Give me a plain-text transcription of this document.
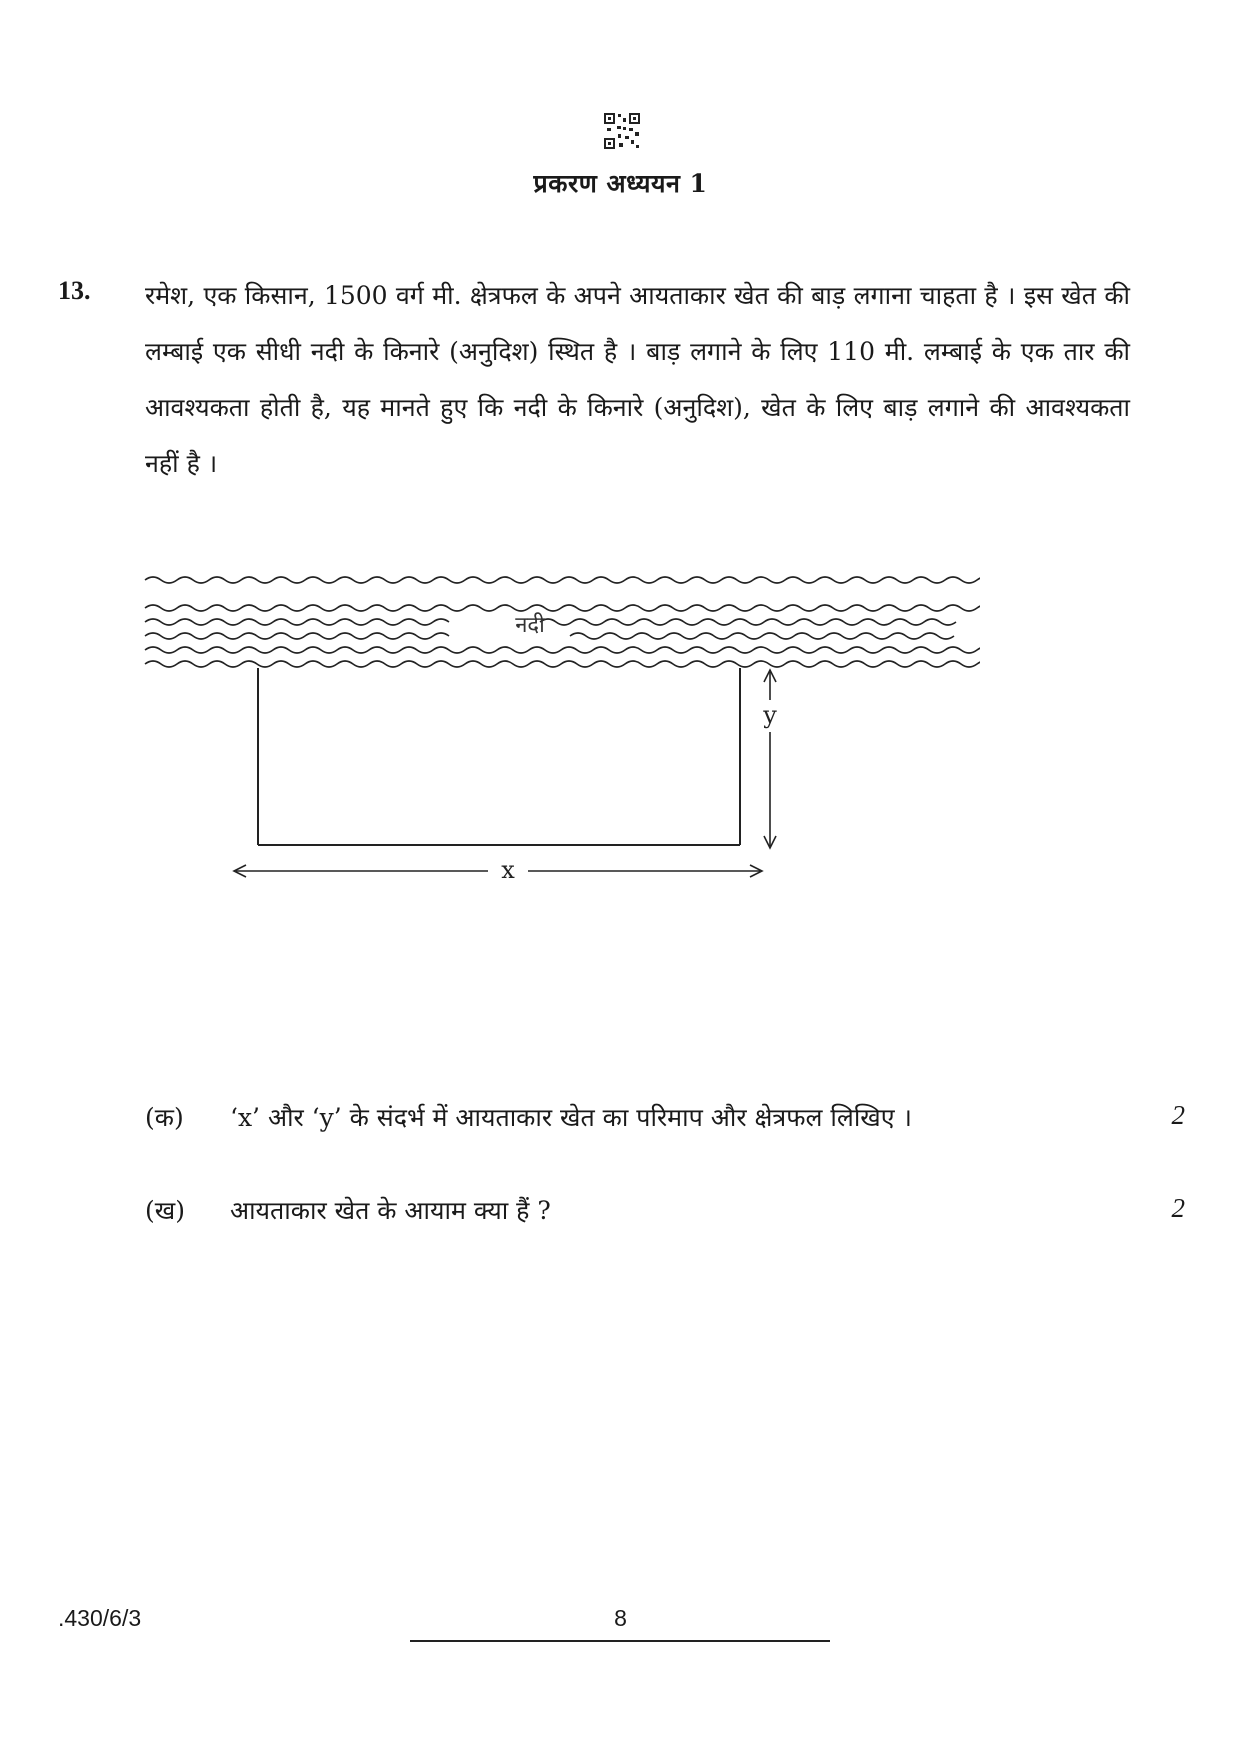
प्रकरण अध्ययन 1
13. रमेश, एक किसान, 1500 वर्ग मी. क्षेत्रफल के अपने आयताकार खेत की बाड़ लगाना चाहता है । इस खेत की लम्बाई एक सीधी नदी के किनारे (अनुदिश) स्थित है । बाड़ लगाने के लिए 110 मी. लम्बाई के एक तार की आवश्यकता होती है, यह मानते हुए कि नदी के किनारे (अनुदिश), खेत के लिए बाड़ लगाने की आवश्यकता नहीं है ।
नदी
y
x
(क) ‘x’ और ‘y’ के संदर्भ में आयताकार खेत का परिमाप और क्षेत्रफल लिखिए ।	2
(ख) आयताकार खेत के आयाम क्या हैं ?	2
.430/6/3	8
